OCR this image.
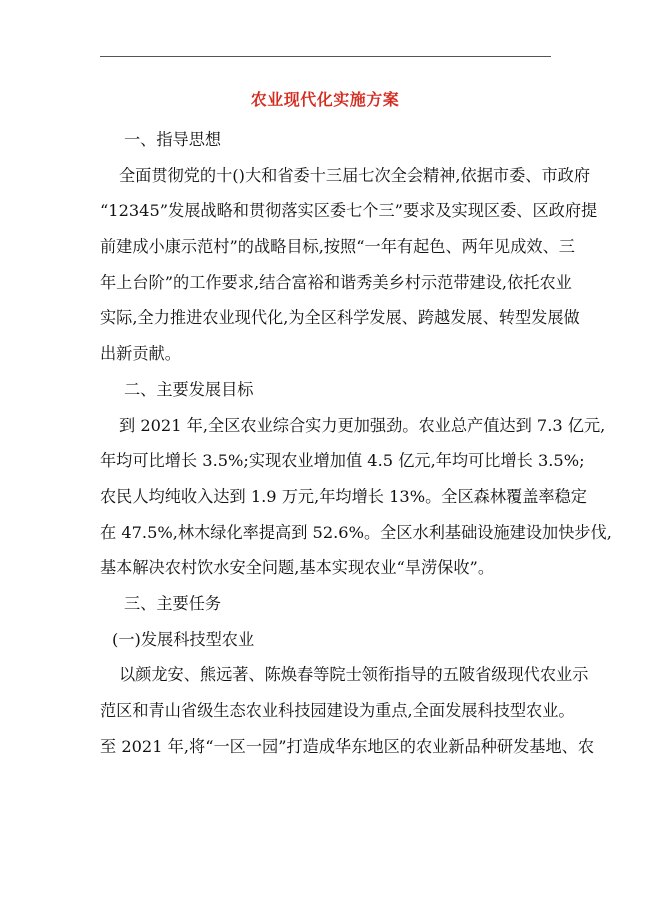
农业现代化实施方案
一、指导思想
全面贯彻党的十()大和省委十三届七次全会精神,依据市委、市政府
“12345”发展战略和贯彻落实区委七个三”要求及实现区委、区政府提
前建成小康示范村”的战略目标,按照“一年有起色、两年见成效、三
年上台阶”的工作要求,结合富裕和谐秀美乡村示范带建设,依托农业
实际,全力推进农业现代化,为全区科学发展、跨越发展、转型发展做
出新贡献。
二、主要发展目标
到 2021 年,全区农业综合实力更加强劲。农业总产值达到 7.3 亿元,
年均可比增长 3.5%;实现农业增加值 4.5 亿元,年均可比增长 3.5%;
农民人均纯收入达到 1.9 万元,年均增长 13%。全区森林覆盖率稳定
在 47.5%,林木绿化率提高到 52.6%。全区水利基础设施建设加快步伐,
基本解决农村饮水安全问题,基本实现农业“旱涝保收”。
三、主要任务
(一)发展科技型农业
以颜龙安、熊远著、陈焕春等院士领衔指导的五陂省级现代农业示
范区和青山省级生态农业科技园建设为重点,全面发展科技型农业。
至 2021 年,将“一区一园”打造成华东地区的农业新品种研发基地、农
